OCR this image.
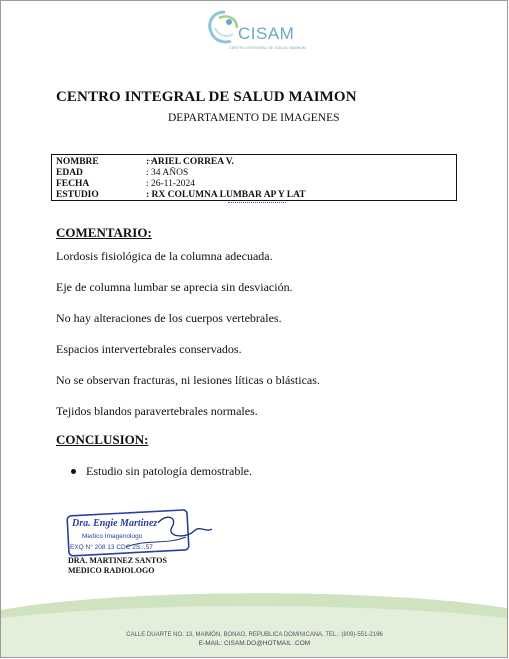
CISAM
CENTRO INTEGRAL DE SALUD MAIMON
CENTRO INTEGRAL DE SALUD MAIMON
DEPARTAMENTO DE IMAGENES
NOMBRE	: ARIEL CORREA V.
EDAD	: 34 AÑOS
FECHA	: 26-11-2024
ESTUDIO	: RX COLUMNA LUMBAR AP Y LAT
COMENTARIO:
Lordosis fisiológica de la columna adecuada.
Eje de columna lumbar se aprecia sin desviación.
No hay alteraciones de los cuerpos vertebrales.
Espacios intervertebrales conservados.
No se observan fracturas, ni lesiones líticas o blásticas.
Tejidos blandos paravertebrales normales.
CONCLUSION:
Estudio sin patología demostrable.
Dra. Engie Martinez
Medico Imagenologo
EXQ N° 208 13 CDC 2S...57
DRA. MARTINEZ SANTOS
MEDICO RADIOLOGO
CALLE DUARTE NO. 13, MAIMÓN, BONAO, REPUBLICA DOMINICANA, TEL.: (809)-551-2196
E-MAIL: CISAM.DO@HOTMAIL .COM
